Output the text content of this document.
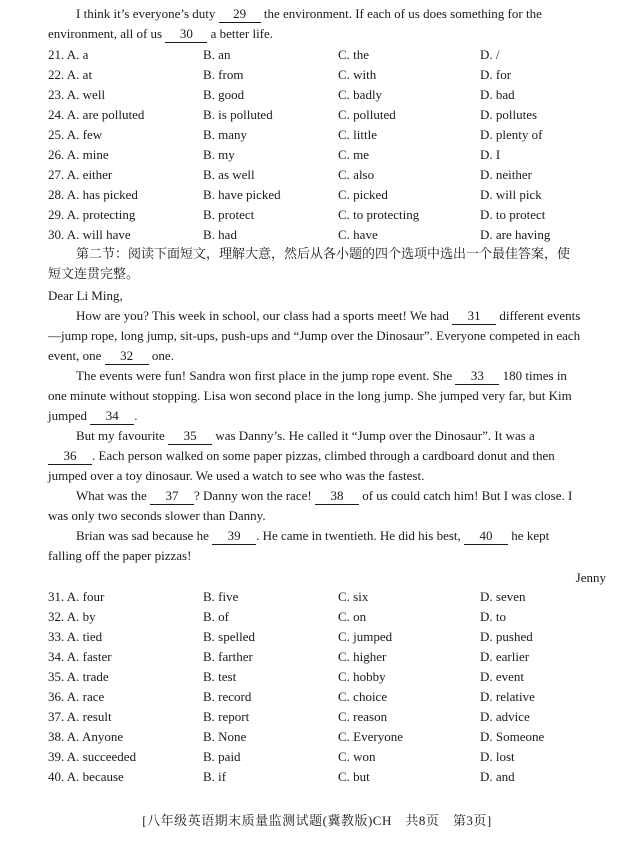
I think it’s everyone’s duty 29 the environment. If each of us does something for the

environment, all of us 30 a better life.

21. A. a	B. an	C. the	D. /
22. A. at	B. from	C. with	D. for
23. A. well	B. good	C. badly	D. bad
24. A. are polluted	B. is polluted	C. polluted	D. pollutes
25. A. few	B. many	C. little	D. plenty of
26. A. mine	B. my	C. me	D. I
27. A. either	B. as well	C. also	D. neither
28. A. has picked	B. have picked	C. picked	D. will pick
29. A. protecting	B. protect	C. to protecting	D. to protect
30. A. will have	B. had	C. have	D. are having
第二节：阅读下面短文，理解大意，然后从各小题的四个选项中选出一个最佳答案，使
短文连贯完整。

Dear Li Ming,

How are you? This week in school, our class had a sports meet! We had 31 different events—jump rope, long jump, sit-ups, push-ups and “Jump over the Dinosaur”. Everyone competed in each event, one 32 one.

The events were fun! Sandra won first place in the jump rope event. She 33 180 times in one minute without stopping. Lisa won second place in the long jump. She jumped very far, but Kim jumped 34 .

But my favourite 35 was Danny’s. He called it “Jump over the Dinosaur”. It was a 36 . Each person walked on some paper pizzas, climbed through a cardboard donut and then jumped over a toy dinosaur. We used a watch to see who was the fastest.

What was the 37 ? Danny won the race! 38 of us could catch him! But I was close. I was only two seconds slower than Danny.

Brian was sad because he 39 . He came in twentieth. He did his best, 40 he kept falling off the paper pizzas!

Jenny
31. A. four	B. five	C. six	D. seven
32. A. by	B. of	C. on	D. to
33. A. tied	B. spelled	C. jumped	D. pushed
34. A. faster	B. farther	C. higher	D. earlier
35. A. trade	B. test	C. hobby	D. event
36. A. race	B. record	C. choice	D. relative
37. A. result	B. report	C. reason	D. advice
38. A. Anyone	B. None	C. Everyone	D. Someone
39. A. succeeded	B. paid	C. won	D. lost
40. A. because	B. if	C. but	D. and
[八年级英语期末质量监测试题(冀教版)CH　共8页　第3页]
